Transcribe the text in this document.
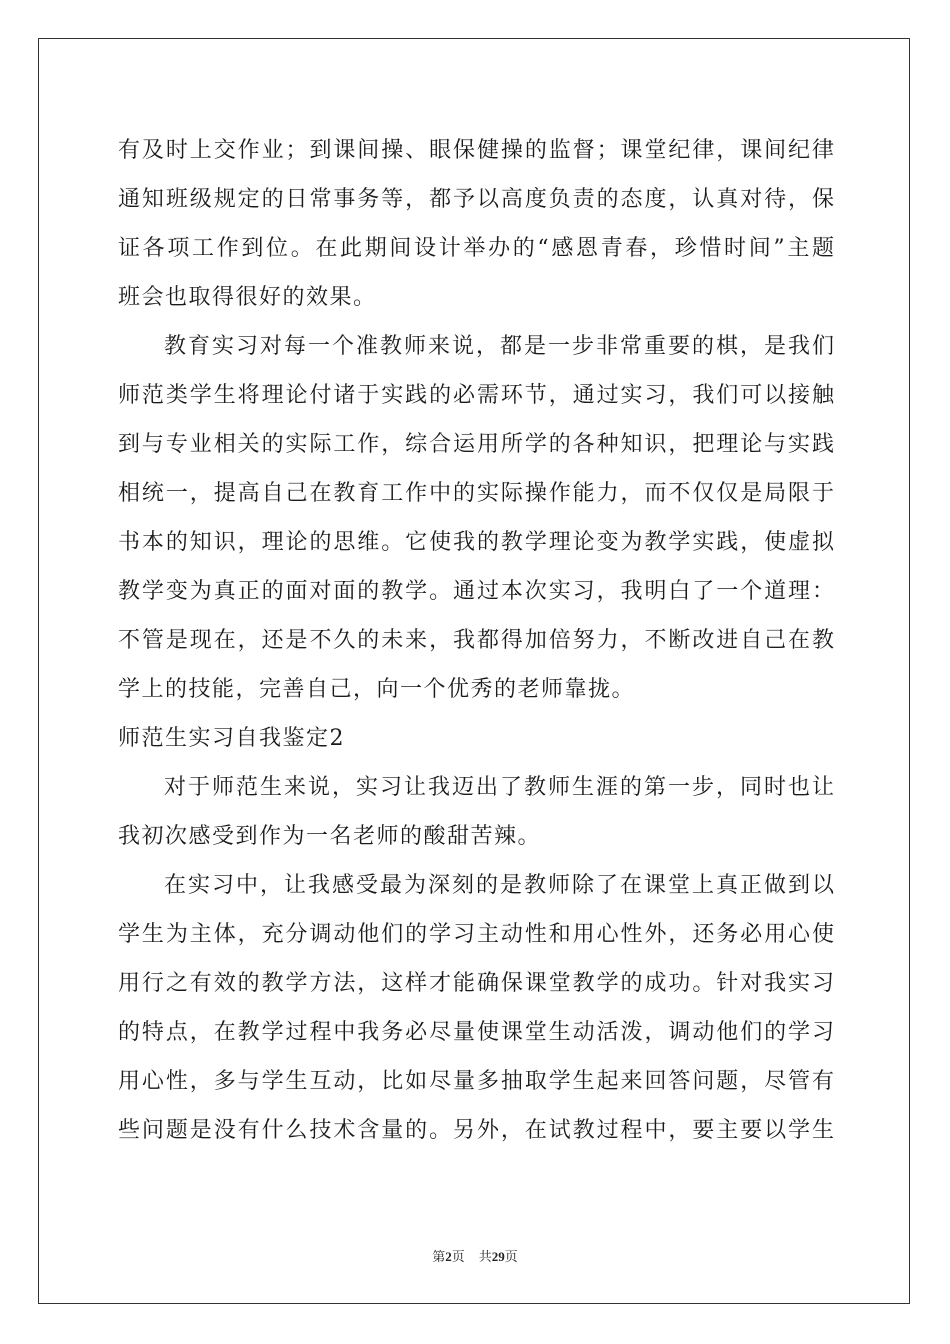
有及时上交作业；到课间操、眼保健操的监督；课堂纪律，课间纪律
通知班级规定的日常事务等，都予以高度负责的态度，认真对待，保
证各项工作到位。在此期间设计举办的“感恩青春，珍惜时间”主题
班会也取得很好的效果。
教育实习对每一个准教师来说，都是一步非常重要的棋，是我们
师范类学生将理论付诸于实践的必需环节，通过实习，我们可以接触
到与专业相关的实际工作，综合运用所学的各种知识，把理论与实践
相统一，提高自己在教育工作中的实际操作能力，而不仅仅是局限于
书本的知识，理论的思维。它使我的教学理论变为教学实践，使虚拟
教学变为真正的面对面的教学。通过本次实习，我明白了一个道理：
不管是现在，还是不久的未来，我都得加倍努力，不断改进自己在教
学上的技能，完善自己，向一个优秀的老师靠拢。
师范生实习自我鉴定2
对于师范生来说，实习让我迈出了教师生涯的第一步，同时也让
我初次感受到作为一名老师的酸甜苦辣。
在实习中，让我感受最为深刻的是教师除了在课堂上真正做到以
学生为主体，充分调动他们的学习主动性和用心性外，还务必用心使
用行之有效的教学方法，这样才能确保课堂教学的成功。针对我实习
的特点，在教学过程中我务必尽量使课堂生动活泼，调动他们的学习
用心性，多与学生互动，比如尽量多抽取学生起来回答问题，尽管有
些问题是没有什么技术含量的。另外，在试教过程中，要主要以学生
第2页 共29页
